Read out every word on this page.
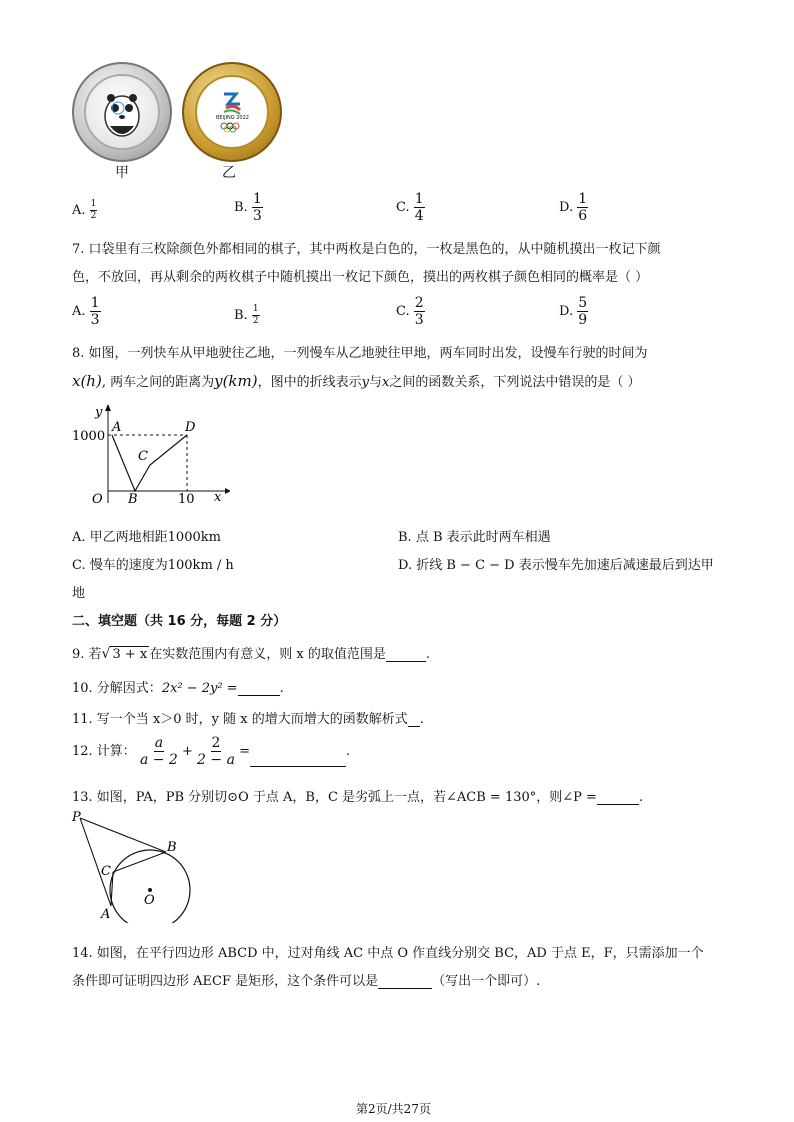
BEIJING 2022
甲	乙
A. $\frac{1}{2}$	B. $\frac{1}{3}$	C. $\frac{1}{4}$	D. $\frac{1}{6}$
7. 口袋里有三枚除颜色外都相同的棋子，其中两枚是白色的，一枚是黑色的，从中随机摸出一枚记下颜
色，不放回，再从剩余的两枚棋子中随机摸出一枚记下颜色，摸出的两枚棋子颜色相同的概率是（ ）
A. $\frac{1}{3}$	B. $\frac{1}{2}$	C. $\frac{2}{3}$	D. $\frac{5}{9}$
8. 如图，一列快车从甲地驶往乙地，一列慢车从乙地驶往甲地，两车同时出发，设慢车行驶的时间为
x(h), 两车之间的距离为y(km)，图中的折线表示y与x之间的函数关系，下列说法中错误的是（ ）
y
1000
A	D
C
O B	10 x
A. 甲乙两地相距1000km	B. 点 B 表示此时两车相遇
C. 慢车的速度为100km / h	D. 折线 B − C − D 表示慢车先加速后减速最后到达甲
地
二、填空题（共 16 分，每题 2 分）
9. 若√ 3 + x 在实数范围内有意义，则 x 的取值范围是	.
10. 分解因式：2x² − 2y² =	.
11. 写一个当 x＞0 时，y 随 x 的增大而增大的函数解析式 .
12. 计算： $\frac{a}{a - 2} + \frac{2}{2 - a}$ =	.
13. 如图，PA，PB 分别切⊙O 于点 A，B，C 是劣弧上一点，若∠ACB = 130°，则∠P =	.
P
B
C
O
A
14. 如图，在平行四边形 ABCD 中，过对角线 AC 中点 O 作直线分别交 BC，AD 于点 E，F，只需添加一个
条件即可证明四边形 AECF 是矩形，这个条件可以是	（写出一个即可）.
第2页/共27页
